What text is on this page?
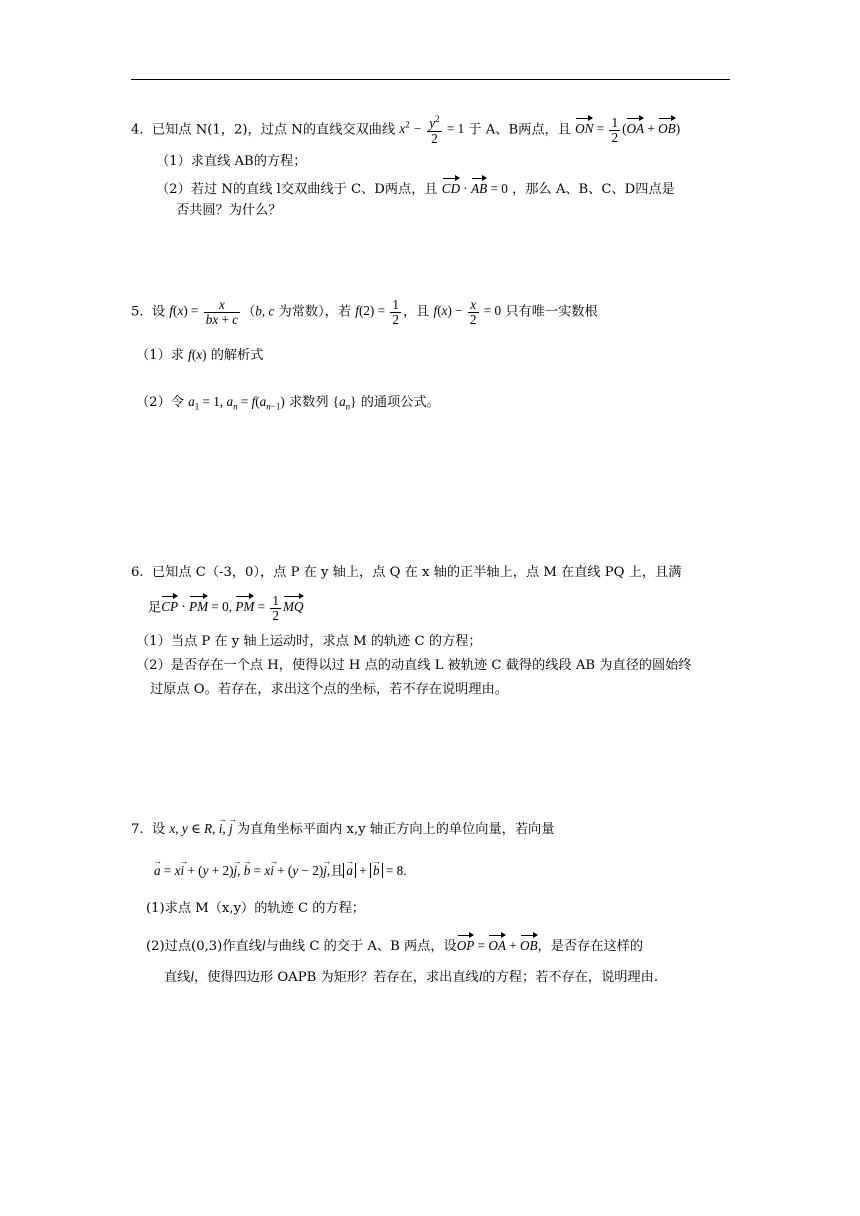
4. 已知点 N(1，2)，过点 N的直线交双曲线 $x^2 - \frac{y^2}{2} = 1$ 于 A、B两点，且 ON = $\frac{1}{2} (OA + OB)$
（1）求直线 AB的方程；
（2）若过 N的直线 l交双曲线于 C、D两点，且 CD · AB = 0 ，那么 A、B、C、D四点是
否共圆？为什么？
5. 设 $f(x) = \frac{x}{bx + c} (b$, c 为常数），若 $f(2) = \frac{1}{2}$ ，且 $f(x) - \frac{x}{2} = 0$ 只有唯一实数根
（1）求 f(x) 的解析式
（2）令 $a_1 = 1$, $a_n = f(a_{n-1})$ 求数列 $\{a_n\}$ 的通项公式。
6. 已知点 C（-3，0），点 P 在 y 轴上，点 Q 在 x 轴的正半轴上，点 M 在直线 PQ 上，且满
足CP · PM = 0, PM = $\frac{1}{2}$ MQ
（1）当点 P 在 y 轴上运动时，求点 M 的轨迹 C 的方程；
（2）是否存在一个点 H，使得以过 H 点的动直线 L 被轨迹 C 截得的线段 AB 为直径的圆始终
过原点 O。若存在，求出这个点的坐标，若不存在说明理由。
7. 设 x, y ∈ R, → i, → j 为直角坐标平面内 x,y 轴正方向上的单位向量，若向量
→ a = x→ i + (y + 2)→ j, → b = x→ i + (y − 2)→ j,且→ a + → b = 8.
(1)求点 M（x,y）的轨迹 C 的方程；
(2)过点(0,3)作直线l与曲线 C 的交于 A、B 两点，设OP = OA + OB，是否存在这样的
直线l，使得四边形 OAPB 为矩形？若存在，求出直线l的方程；若不存在，说明理由.
